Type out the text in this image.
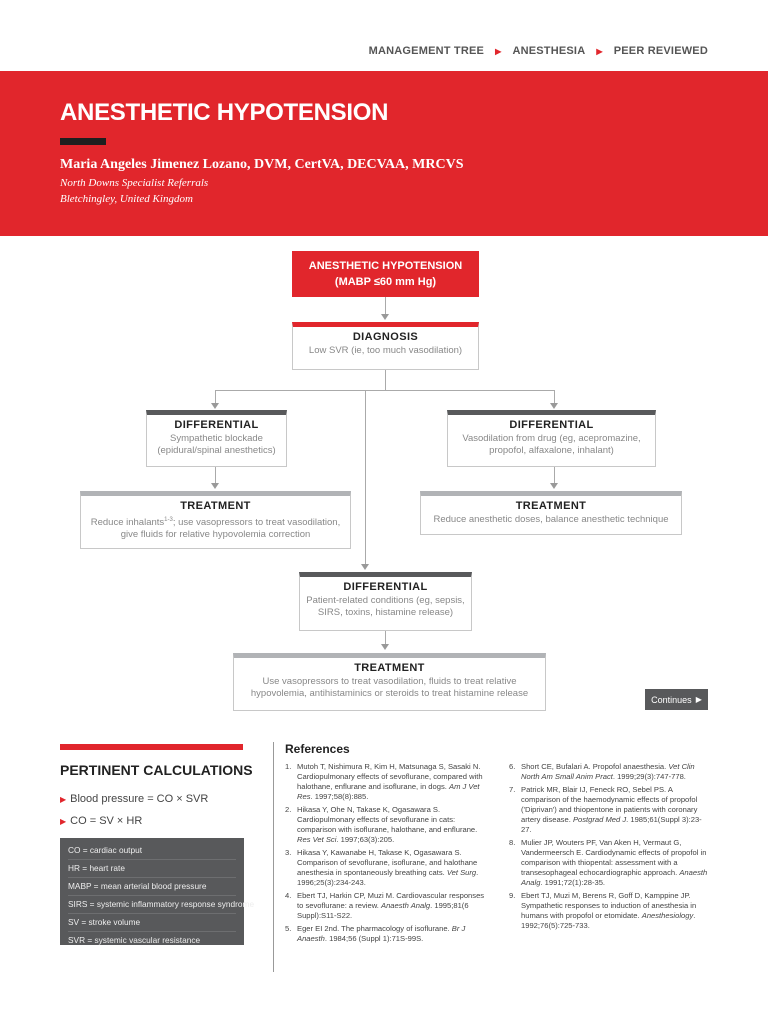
MANAGEMENT TREE ▶ ANESTHESIA ▶ PEER REVIEWED
ANESTHETIC HYPOTENSION
Maria Angeles Jimenez Lozano, DVM, CertVA, DECVAA, MRCVS
North Downs Specialist Referrals
Bletchingley, United Kingdom
ANESTHETIC HYPOTENSION
(MABP ≤60 mm Hg)
DIAGNOSIS
Low SVR (ie, too much vasodilation)
DIFFERENTIAL
Sympathetic blockade
(epidural/spinal anesthetics)
DIFFERENTIAL
Vasodilation from drug (eg, acepromazine,
propofol, alfaxalone, inhalant)
TREATMENT
Reduce inhalants$^{1-3}$; use vasopressors to treat vasodilation,
give fluids for relative hypovolemia correction
TREATMENT
Reduce anesthetic doses, balance anesthetic technique
DIFFERENTIAL
Patient-related conditions (eg, sepsis,
SIRS, toxins, histamine release)
TREATMENT
Use vasopressors to treat vasodilation, fluids to treat relative
hypovolemia, antihistaminics or steroids to treat histamine release
Continues ▶
PERTINENT CALCULATIONS
▶ Blood pressure = CO × SVR
▶ CO = SV × HR
CO = cardiac output
HR = heart rate
MABP = mean arterial blood pressure
SIRS = systemic inflammatory response syndrome
SV = stroke volume
SVR = systemic vascular resistance
References
1. Mutoh T, Nishimura R, Kim H, Matsunaga S, Sasaki N. Cardiopulmonary effects of sevoflurane, compared with halothane, enflurane and isoflurane, in dogs. Am J Vet Res. 1997;58(8):885.
2. Hikasa Y, Ohe N, Takase K, Ogasawara S. Cardiopulmonary effects of sevoflurane in cats: comparison with isoflurane, halothane, and enflurane. Res Vet Sci. 1997;63(3):205.
3. Hikasa Y, Kawanabe H, Takase K, Ogasawara S. Comparison of sevoflurane, isoflurane, and halothane anesthesia in spontaneously breathing cats. Vet Surg. 1996;25(3):234-243.
4. Ebert TJ, Harkin CP, Muzi M. Cardiovascular responses to sevoflurane: a review. Anaesth Analg. 1995;81(6 Suppl):S11-S22.
5. Eger EI 2nd. The pharmacology of isoflurane. Br J Anaesth. 1984;56 (Suppl 1):71S-99S.
6. Short CE, Bufalari A. Propofol anaesthesia. Vet Clin North Am Small Anim Pract. 1999;29(3):747-778.
7. Patrick MR, Blair IJ, Feneck RO, Sebel PS. A comparison of the haemodynamic effects of propofol ('Diprivan') and thiopentone in patients with coronary artery disease. Postgrad Med J. 1985;61(Suppl 3):23-27.
8. Mulier JP, Wouters PF, Van Aken H, Vermaut G, Vandermeersch E. Cardiodynamic effects of propofol in comparison with thiopental: assessment with a transesophageal echocardiographic approach. Anaesth Analg. 1991;72(1):28-35.
9. Ebert TJ, Muzi M, Berens R, Goff D, Kamppine JP. Sympathetic responses to induction of anesthesia in humans with propofol or etomidate. Anesthesiology. 1992;76(5):725-733.
